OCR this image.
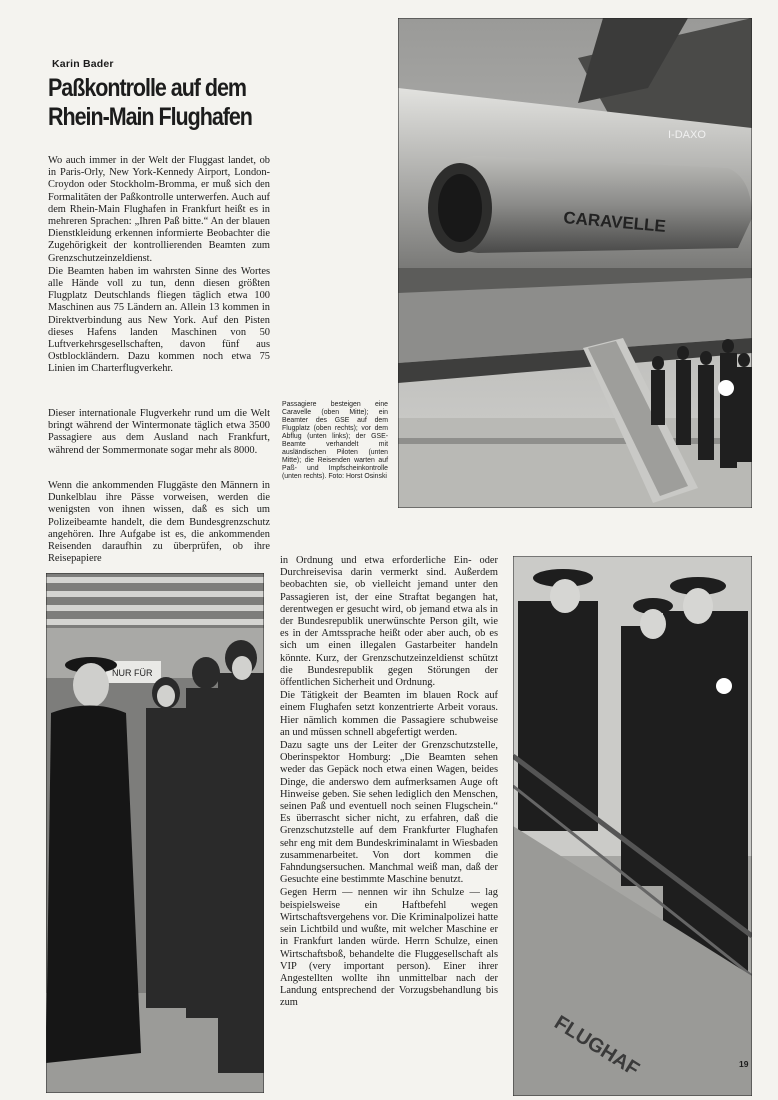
Karin Bader
Paßkontrolle auf dem Rhein-Main Flughafen

Wo auch immer in der Welt der Fluggast landet, ob in Paris-Orly, New York-Kennedy Airport, London-Croydon oder Stockholm-Bromma, er muß sich den Formalitäten der Paßkontrolle unterwerfen. Auch auf dem Rhein-Main Flughafen in Frankfurt heißt es in mehreren Sprachen: „Ihren Paß bitte.“ An der blauen Dienstkleidung erkennen informierte Beobachter die Zugehörigkeit der kontrollierenden Beamten zum Grenzschutzeinzeldienst.

Die Beamten haben im wahrsten Sinne des Wortes alle Hände voll zu tun, denn diesen größten Flugplatz Deutschlands fliegen täglich etwa 100 Maschinen aus 75 Ländern an. Allein 13 kommen in Direktverbindung aus New York. Auf den Pisten dieses Hafens landen Maschinen von 50 Luftverkehrsgesellschaften, davon fünf aus Ostblockländern. Dazu kommen noch etwa 75 Linien im Charterflugverkehr.

Dieser internationale Flugverkehr rund um die Welt bringt während der Wintermonate täglich etwa 3500 Passagiere aus dem Ausland nach Frankfurt, während der Sommermonate sogar mehr als 8000.

Wenn die ankommenden Fluggäste den Männern in Dunkelblau ihre Pässe vorweisen, werden die wenigsten von ihnen wissen, daß es sich um Polizeibeamte handelt, die dem Bundesgrenzschutz angehören. Ihre Aufgabe ist es, die ankommenden Reisenden daraufhin zu überprüfen, ob ihre Reisepapiere	in Ordnung und etwa erforderliche Ein- oder Durchreisevisa darin vermerkt sind. Außerdem beobachten sie, ob vielleicht jemand unter den Passagieren ist, der eine Straftat begangen hat, derentwegen er gesucht wird, ob jemand etwa als in der Bundesrepublik unerwünschte Person gilt, wie es in der Amtssprache heißt oder aber auch, ob es sich um einen illegalen Gastarbeiter handeln könnte. Kurz, der Grenzschutzeinzeldienst schützt die Bundesrepublik gegen Störungen der öffentlichen Sicherheit und Ordnung.

Die Tätigkeit der Beamten im blauen Rock auf einem Flughafen setzt konzentrierte Arbeit voraus. Hier nämlich kommen die Passagiere schubweise an und müssen schnell abgefertigt werden.

Dazu sagte uns der Leiter der Grenzschutzstelle, Oberinspektor Homburg: „Die Beamten sehen weder das Gepäck noch etwa einen Wagen, beides Dinge, die anderswo dem aufmerksamen Auge oft Hinweise geben. Sie sehen lediglich den Menschen, seinen Paß und eventuell noch seinen Flugschein.“ Es überrascht sicher nicht, zu erfahren, daß die Grenzschutzstelle auf dem Frankfurter Flughafen sehr eng mit dem Bundeskriminalamt in Wiesbaden zusammenarbeitet. Von dort kommen die Fahndungsersuchen. Manchmal weiß man, daß der Gesuchte eine bestimmte Maschine benutzt.

Gegen Herrn — nennen wir ihn Schulze — lag beispielsweise ein Haftbefehl wegen Wirtschaftsvergehens vor. Die Kriminalpolizei hatte sein Lichtbild und wußte, mit welcher Maschine er in Frankfurt landen würde. Herrn Schulze, einen Wirtschaftsboß, behandelte die Fluggesellschaft als VIP (very important person). Einer ihrer Angestellten wollte ihn unmittelbar nach der Landung entsprechend der Vorzugsbehandlung bis zum

Passagiere besteigen eine Caravelle (oben Mitte); ein Beamter des GSE auf dem Flugplatz (oben rechts); vor dem Abflug (unten links); der GSE-Beamte verhandelt mit ausländischen Piloten (unten Mitte); die Reisenden warten auf Paß- und Impfscheinkontrolle (unten rechts). Foto: Horst Osinski
CARAVELLE
I-DAXO
NUR FÜR
FLUGHAF	19
